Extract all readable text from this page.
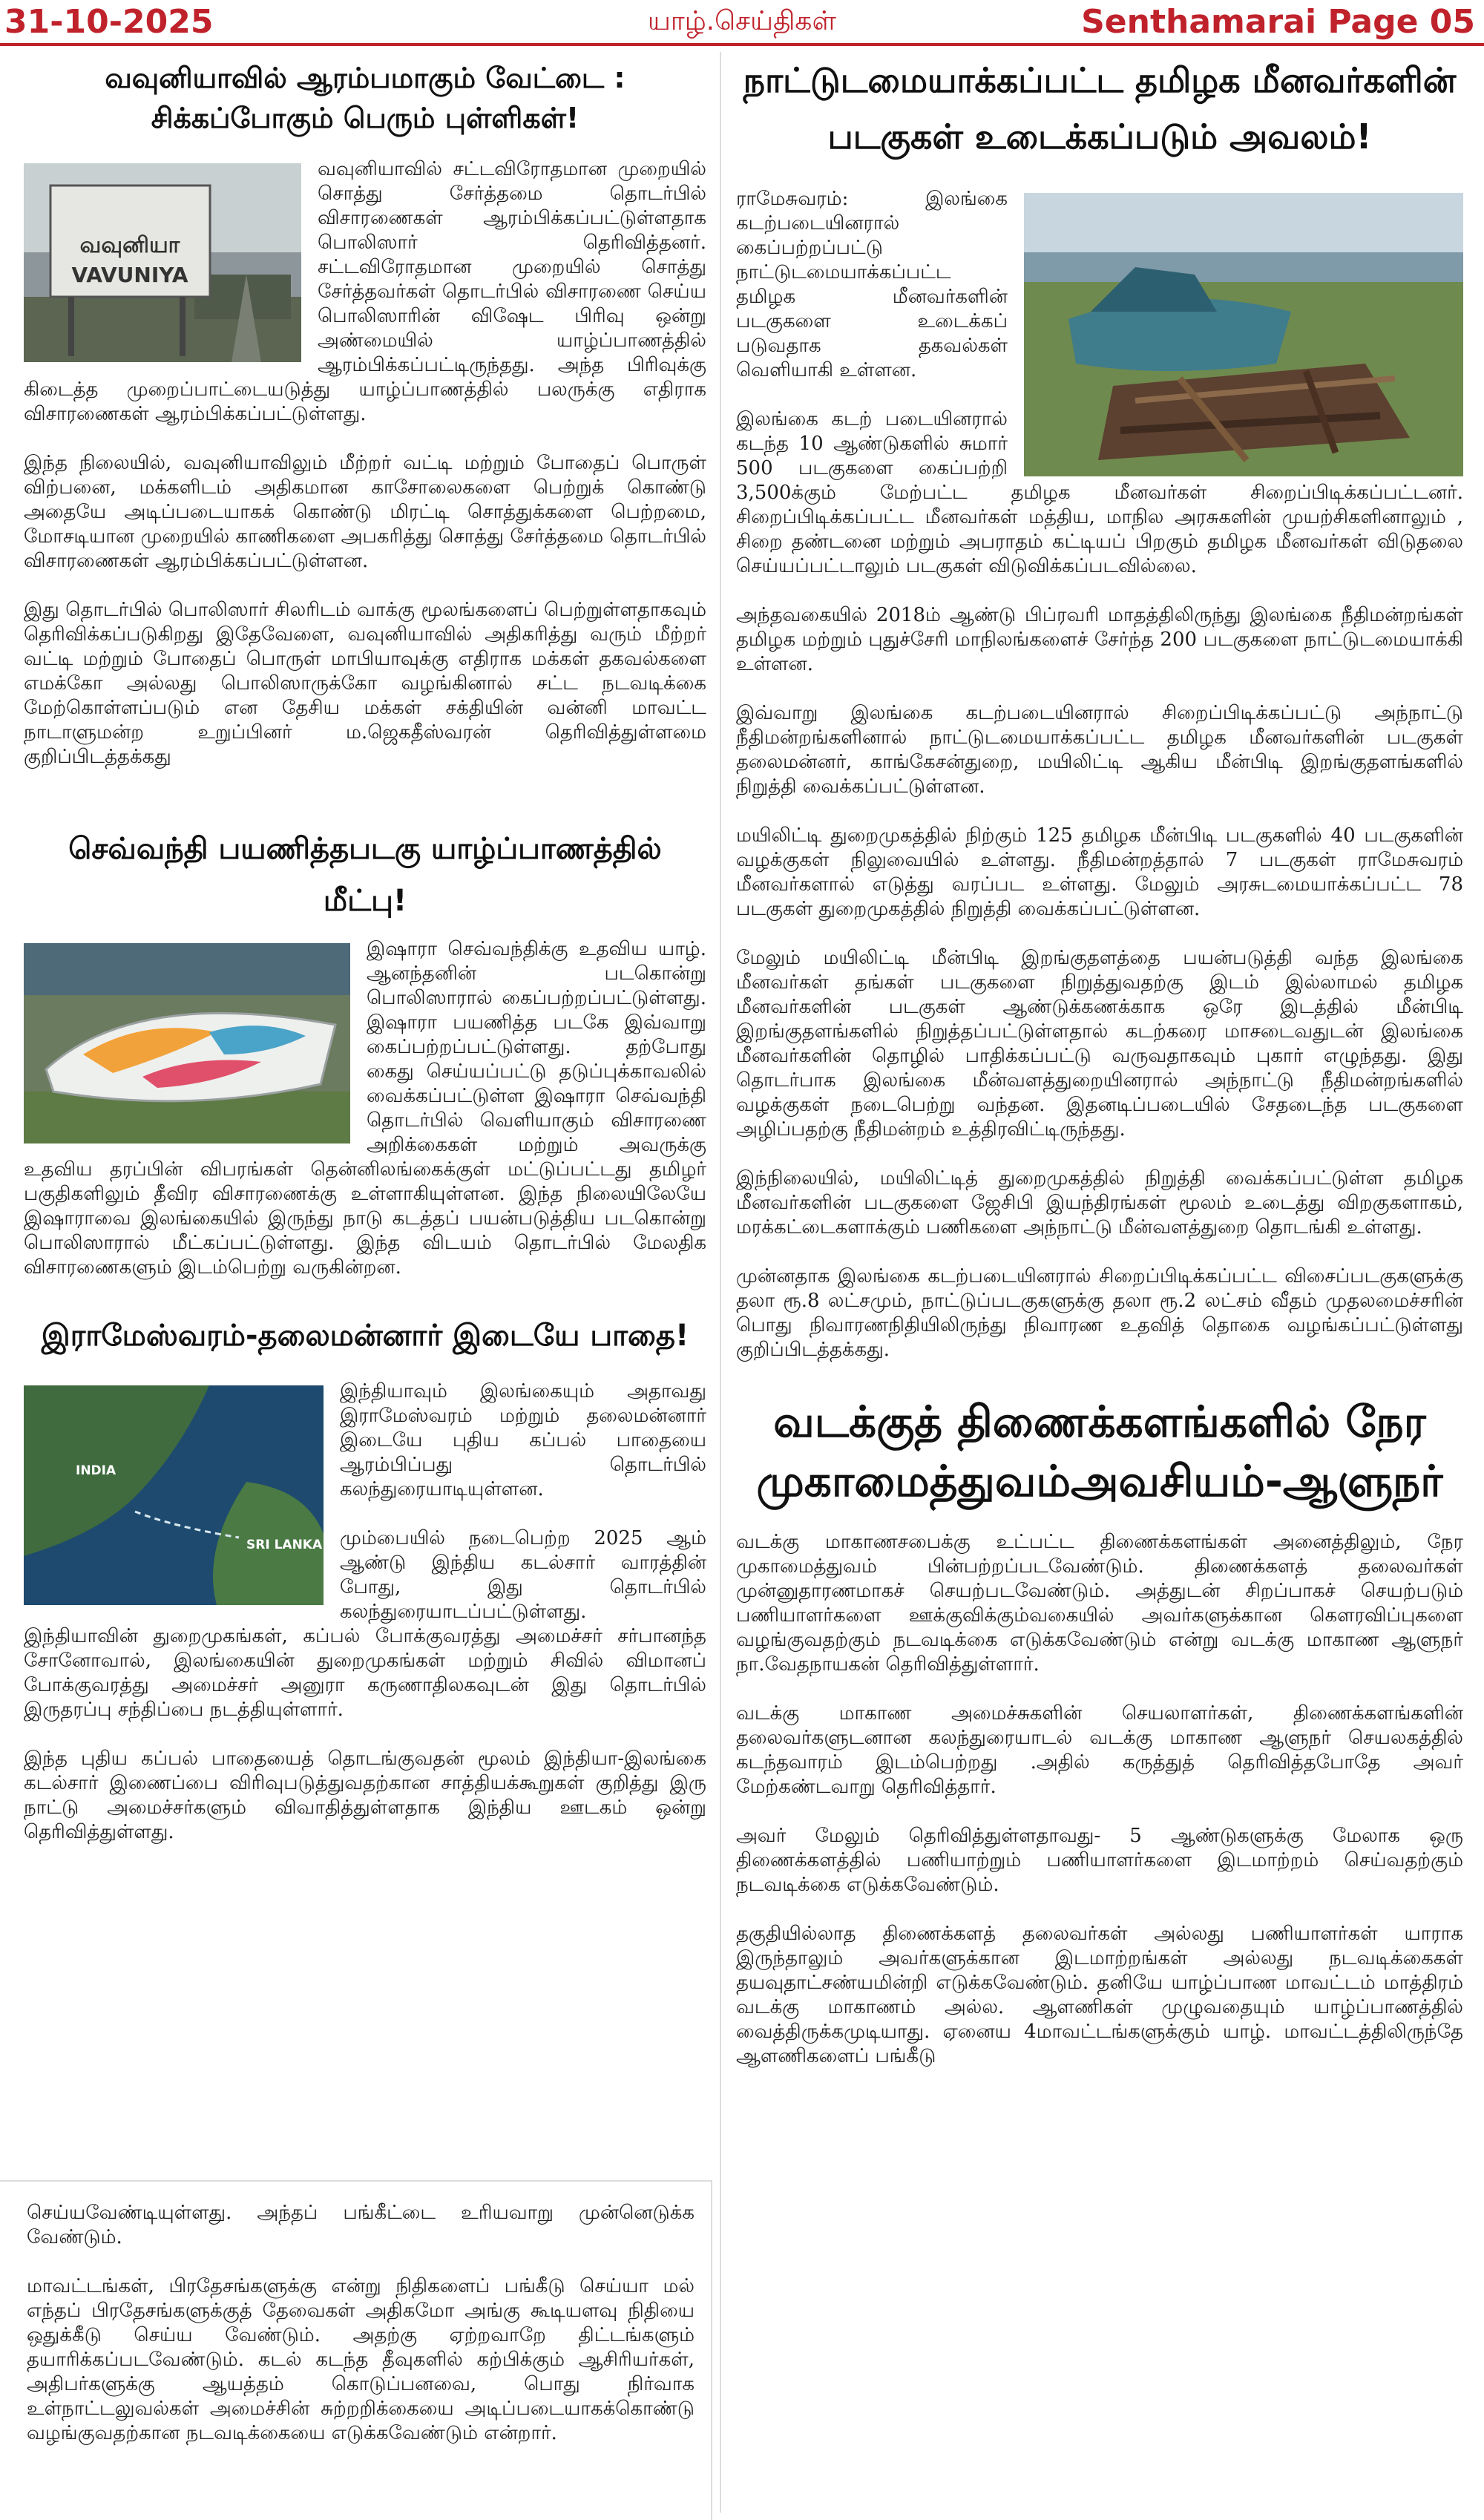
31-10-2025	யாழ்.செய்திகள்	Senthamarai Page 05
வவுனியாவில் ஆரம்பமாகும் வேட்டை :
சிக்கப்போகும் பெரும் புள்ளிகள்!
வவுனியா
VAVUNIYA

வவுனியாவில் சட்டவிரோதமான முறையில் சொத்து சேர்த்தமை தொடர்பில் விசாரணைகள் ஆரம்பிக்கப்பட்டுள்ளதாக பொலிஸார் தெரிவித்தனர். சட்டவிரோதமான முறையில் சொத்து சேர்த்தவர்கள் தொடர்பில் விசாரணை செய்ய பொலிஸாரின் விஷேட பிரிவு ஒன்று அண்மையில் யாழ்ப்பாணத்தில் ஆரம்பிக்கப்பட்டிருந்தது. அந்த பிரிவுக்கு கிடைத்த முறைப்பாட்டையடுத்து யாழ்ப்பாணத்தில் பலருக்கு எதிராக விசாரணைகள் ஆரம்பிக்கப்பட்டுள்ளது.

இந்த நிலையில், வவுனியாவிலும் மீற்றர் வட்டி மற்றும் போதைப் பொருள் விற்பனை, மக்களிடம் அதிகமான காசோலைகளை பெற்றுக் கொண்டு அதையே அடிப்படையாகக் கொண்டு மிரட்டி சொத்துக்களை பெற்றமை, மோசடியான முறையில் காணிகளை அபகரித்து சொத்து சேர்த்தமை தொடர்பில் விசாரணைகள் ஆரம்பிக்கப்பட்டுள்ளன.

இது தொடர்பில் பொலிஸார் சிலரிடம் வாக்கு மூலங்களைப் பெற்றுள்ளதாகவும் தெரிவிக்கப்படுகிறது இதேவேளை, வவுனியாவில் அதிகரித்து வரும் மீற்றர் வட்டி மற்றும் போதைப் பொருள் மாபியாவுக்கு எதிராக மக்கள் தகவல்களை எமக்கோ அல்லது பொலிஸாருக்கோ வழங்கினால் சட்ட நடவடிக்கை மேற்கொள்ளப்படும் என தேசிய மக்கள் சக்தியின் வன்னி மாவட்ட நாடாளுமன்ற உறுப்பினர் ம.ஜெகதீஸ்வரன் தெரிவித்துள்ளமை குறிப்பிடத்தக்கது

செவ்வந்தி பயணித்தபடகு யாழ்ப்பாணத்தில் மீட்பு!

இஷாரா செவ்வந்திக்கு உதவிய யாழ். ஆனந்தனின் படகொன்று பொலிஸாரால் கைப்பற்றப்பட்டுள்ளது. இஷாரா பயணித்த படகே இவ்வாறு கைப்பற்றப்பட்டுள்ளது. தற்போது கைது செய்யப்பட்டு தடுப்புக்காவலில் வைக்கப்பட்டுள்ள இஷாரா செவ்வந்தி தொடர்பில் வெளியாகும் விசாரணை அறிக்கைகள் மற்றும் அவருக்கு உதவிய தரப்பின் விபரங்கள் தென்னிலங்கைக்குள் மட்டுப்பட்டது தமிழர் பகுதிகளிலும் தீவிர விசாரணைக்கு உள்ளாகியுள்ளன. இந்த நிலையிலேயே இஷாராவை இலங்கையில் இருந்து நாடு கடத்தப் பயன்படுத்திய படகொன்று பொலிஸாரால் மீட்கப்பட்டுள்ளது. இந்த விடயம் தொடர்பில் மேலதிக விசாரணைகளும் இடம்பெற்று வருகின்றன.

இராமேஸ்வரம்-தலைமன்னார் இடையே பாதை!
INDIA
SRI LANKA

இந்தியாவும் இலங்கையும் அதாவது இராமேஸ்வரம் மற்றும் தலைமன்னார் இடையே புதிய கப்பல் பாதையை ஆரம்பிப்பது தொடர்பில் கலந்துரையாடியுள்ளன.

மும்பையில் நடைபெற்ற 2025 ஆம் ஆண்டு இந்திய கடல்சார் வாரத்தின் போது, இது தொடர்பில் கலந்துரையாடப்பட்டுள்ளது. இந்தியாவின் துறைமுகங்கள், கப்பல் போக்குவரத்து அமைச்சர் சர்பானந்த சோனோவால், இலங்கையின் துறைமுகங்கள் மற்றும் சிவில் விமானப் போக்குவரத்து அமைச்சர் அனுரா கருணாதிலகவுடன் இது தொடர்பில் இருதரப்பு சந்திப்பை நடத்தியுள்ளார்.

இந்த புதிய கப்பல் பாதையைத் தொடங்குவதன் மூலம் இந்தியா-இலங்கை கடல்சார் இணைப்பை விரிவுபடுத்துவதற்கான சாத்தியக்கூறுகள் குறித்து இரு நாட்டு அமைச்சர்களும் விவாதித்துள்ளதாக இந்திய ஊடகம் ஒன்று தெரிவித்துள்ளது.

செய்யவேண்டியுள்ளது. அந்தப் பங்கீட்டை உரியவாறு முன்னெடுக்க வேண்டும்.

மாவட்டங்கள், பிரதேசங்களுக்கு என்று நிதிகளைப் பங்கீடு செய்யா மல் எந்தப் பிரதேசங்களுக்குத் தேவைகள் அதிகமோ அங்கு கூடியளவு நிதியை ஒதுக்கீடு செய்ய வேண்டும். அதற்கு ஏற்றவாறே திட்டங்களும் தயாரிக்கப்படவேண்டும். கடல் கடந்த தீவுகளில் கற்பிக்கும் ஆசிரியர்கள், அதிபர்களுக்கு ஆயத்தம் கொடுப்பனவை, பொது நிர்வாக உள்நாட்டலுவல்கள் அமைச்சின் சுற்றறிக்கையை அடிப்படையாகக்கொண்டு வழங்குவதற்கான நடவடிக்கையை எடுக்கவேண்டும் என்றார்.

நாட்டுடமையாக்கப்பட்ட தமிழக மீனவர்களின்
படகுகள் உடைக்கப்படும் அவலம்!

ராமேசுவரம்: இலங்கை கடற்படையினரால் கைப்பற்றப்பட்டு நாட்டுடமையாக்கப்பட்ட தமிழக மீனவர்களின் படகுகளை உடைக்கப் படுவதாக தகவல்கள் வெளியாகி உள்ளன.

இலங்கை கடற் படையினரால் கடந்த 10 ஆண்டுகளில் சுமார் 500 படகுகளை கைப்பற்றி 3,500க்கும் மேற்பட்ட தமிழக மீனவர்கள் சிறைப்பிடிக்கப்பட்டனர். சிறைப்பிடிக்கப்பட்ட மீனவர்கள் மத்திய, மாநில அரசுகளின் முயற்சிகளினாலும் , சிறை தண்டனை மற்றும் அபராதம் கட்டியப் பிறகும் தமிழக மீனவர்கள் விடுதலை செய்யப்பட்டாலும் படகுகள் விடுவிக்கப்படவில்லை.

அந்தவகையில் 2018ம் ஆண்டு பிப்ரவரி மாதத்திலிருந்து இலங்கை நீதிமன்றங்கள் தமிழக மற்றும் புதுச்சேரி மாநிலங்களைச் சேர்ந்த 200 படகுகளை நாட்டுடமையாக்கி உள்ளன.

இவ்வாறு இலங்கை கடற்படையினரால் சிறைப்பிடிக்கப்பட்டு அந்நாட்டு நீதிமன்றங்களினால் நாட்டுடமையாக்கப்பட்ட தமிழக மீனவர்களின் படகுகள் தலைமன்னர், காங்கேசன்துறை, மயிலிட்டி ஆகிய மீன்பிடி இறங்குதளங்களில் நிறுத்தி வைக்கப்பட்டுள்ளன.

மயிலிட்டி துறைமுகத்தில் நிற்கும் 125 தமிழக மீன்பிடி படகுகளில் 40 படகுகளின் வழக்குகள் நிலுவையில் உள்ளது. நீதிமன்றத்தால் 7 படகுகள் ராமேசுவரம் மீனவர்களால் எடுத்து வரப்பட உள்ளது. மேலும் அரசுடமையாக்கப்பட்ட 78 படகுகள் துறைமுகத்தில் நிறுத்தி வைக்கப்பட்டுள்ளன.

மேலும் மயிலிட்டி மீன்பிடி இறங்குதளத்தை பயன்படுத்தி வந்த இலங்கை மீனவர்கள் தங்கள் படகுகளை நிறுத்துவதற்கு இடம் இல்லாமல் தமிழக மீனவர்களின் படகுகள் ஆண்டுக்கணக்காக ஒரே இடத்தில் மீன்பிடி இறங்குதளங்களில் நிறுத்தப்பட்டுள்ளதால் கடற்கரை மாசடைவதுடன் இலங்கை மீனவர்களின் தொழில் பாதிக்கப்பட்டு வருவதாகவும் புகார் எழுந்தது. இது தொடர்பாக இலங்கை மீன்வளத்துறையினரால் அந்நாட்டு நீதிமன்றங்களில் வழக்குகள் நடைபெற்று வந்தன. இதனடிப்படையில் சேதடைந்த படகுகளை அழிப்பதற்கு நீதிமன்றம் உத்திரவிட்டிருந்தது.

இந்நிலையில், மயிலிட்டித் துறைமுகத்தில் நிறுத்தி வைக்கப்பட்டுள்ள தமிழக மீனவர்களின் படகுகளை ஜேசிபி இயந்திரங்கள் மூலம் உடைத்து விறகுகளாகம், மரக்கட்டைகளாக்கும் பணிகளை அந்நாட்டு மீன்வளத்துறை தொடங்கி உள்ளது.

முன்னதாக இலங்கை கடற்படையினரால் சிறைப்பிடிக்கப்பட்ட விசைப்படகுகளுக்கு தலா ரூ.8 லட்சமும், நாட்டுப்படகுகளுக்கு தலா ரூ.2 லட்சம் வீதம் முதலமைச்சரின் பொது நிவாரணநிதியிலிருந்து நிவாரண உதவித் தொகை வழங்கப்பட்டுள்ளது குறிப்பிடத்தக்கது.

வடக்குத் திணைக்களங்களில் நேர
முகாமைத்துவம்அவசியம்-ஆளுநர்

வடக்கு மாகாணசபைக்கு உட்பட்ட திணைக்களங்கள் அனைத்திலும், நேர முகாமைத்துவம் பின்பற்றப்படவேண்டும். திணைக்களத் தலைவர்கள் முன்னுதாரணமாகச் செயற்படவேண்டும். அத்துடன் சிறப்பாகச் செயற்படும் பணியாளர்களை ஊக்குவிக்கும்வகையில் அவர்களுக்கான கௌரவிப்புகளை வழங்குவதற்கும் நடவடிக்கை எடுக்கவேண்டும் என்று வடக்கு மாகாண ஆளுநர் நா.வேதநாயகன் தெரிவித்துள்ளார்.

வடக்கு மாகாண அமைச்சுகளின் செயலாளர்கள், திணைக்களங்களின் தலைவர்களுடனான கலந்துரையாடல் வடக்கு மாகாண ஆளுநர் செயலகத்தில் கடந்தவாரம் இடம்பெற்றது .அதில் கருத்துத் தெரிவித்தபோதே அவர் மேற்கண்டவாறு தெரிவித்தார்.

அவர் மேலும் தெரிவித்துள்ளதாவது- 5 ஆண்டுகளுக்கு மேலாக ஒரு திணைக்களத்தில் பணியாற்றும் பணியாளர்களை இடமாற்றம் செய்வதற்கும் நடவடிக்கை எடுக்கவேண்டும்.

தகுதியில்லாத திணைக்களத் தலைவர்கள் அல்லது பணியாளர்கள் யாராக இருந்தாலும் அவர்களுக்கான இடமாற்றங்கள் அல்லது நடவடிக்கைகள் தயவுதாட்சண்யமின்றி எடுக்கவேண்டும். தனியே யாழ்ப்பாண மாவட்டம் மாத்திரம் வடக்கு மாகாணம் அல்ல. ஆளணிகள் முழுவதையும் யாழ்ப்பாணத்தில் வைத்திருக்கமுடியாது. ஏனைய 4மாவட்டங்களுக்கும் யாழ். மாவட்டத்திலிருந்தே ஆளணிகளைப் பங்கீடு
